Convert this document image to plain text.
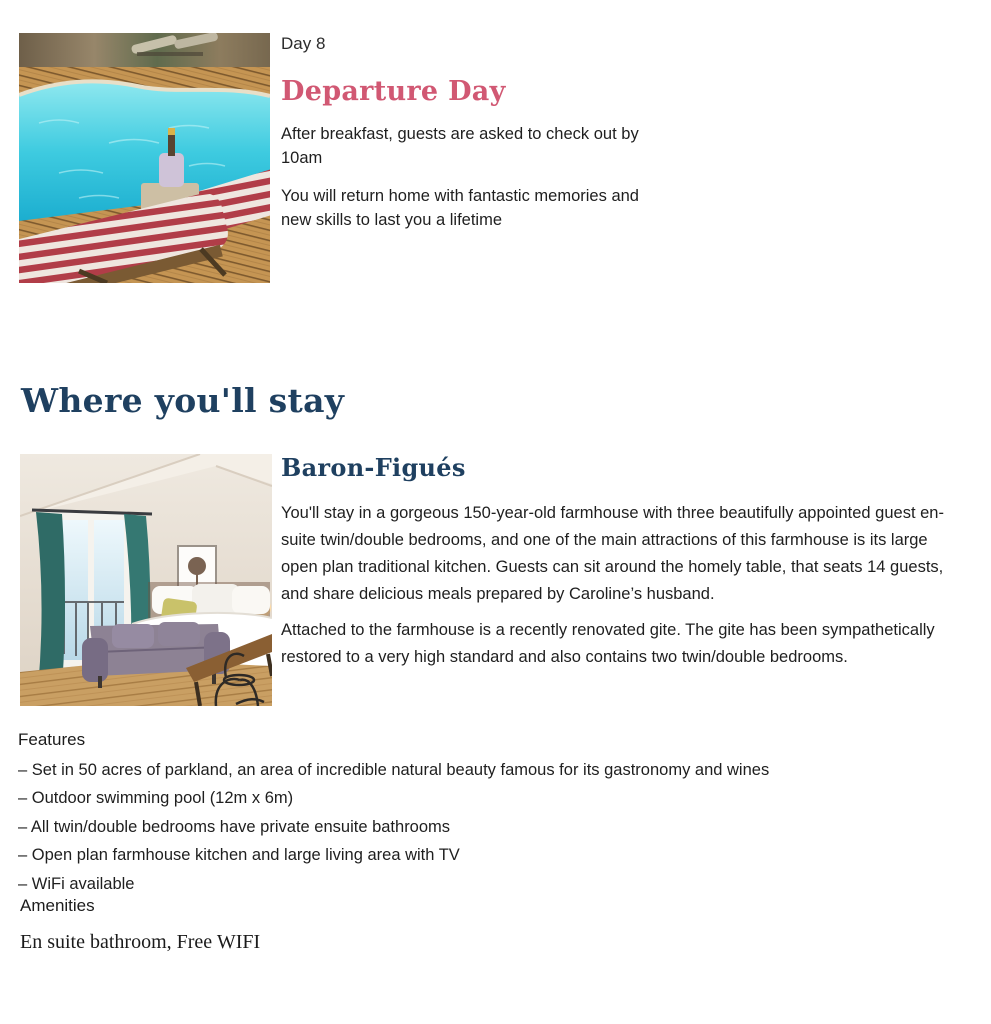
Day 8
Departure Day

After breakfast, guests are asked to check out by 10am

You will return home with fantastic memories and new skills to last you a lifetime

Where you'll stay
Baron-Figués

You'll stay in a gorgeous 150-year-old farmhouse with three beautifully appointed guest en-suite twin/double bedrooms, and one of the main attractions of this farmhouse is its large open plan traditional kitchen. Guests can sit around the homely table, that seats 14 guests, and share delicious meals prepared by Caroline’s husband.

Attached to the farmhouse is a recently renovated gite. The gite has been sympathetically restored to a very high standard and also contains two twin/double bedrooms.

Features
– Set in 50 acres of parkland, an area of incredible natural beauty famous for its gastronomy and wines
– Outdoor swimming pool (12m x 6m)
– All twin/double bedrooms have private ensuite bathrooms
– Open plan farmhouse kitchen and large living area with TV
– WiFi available
Amenities
En suite bathroom, Free WIFI
